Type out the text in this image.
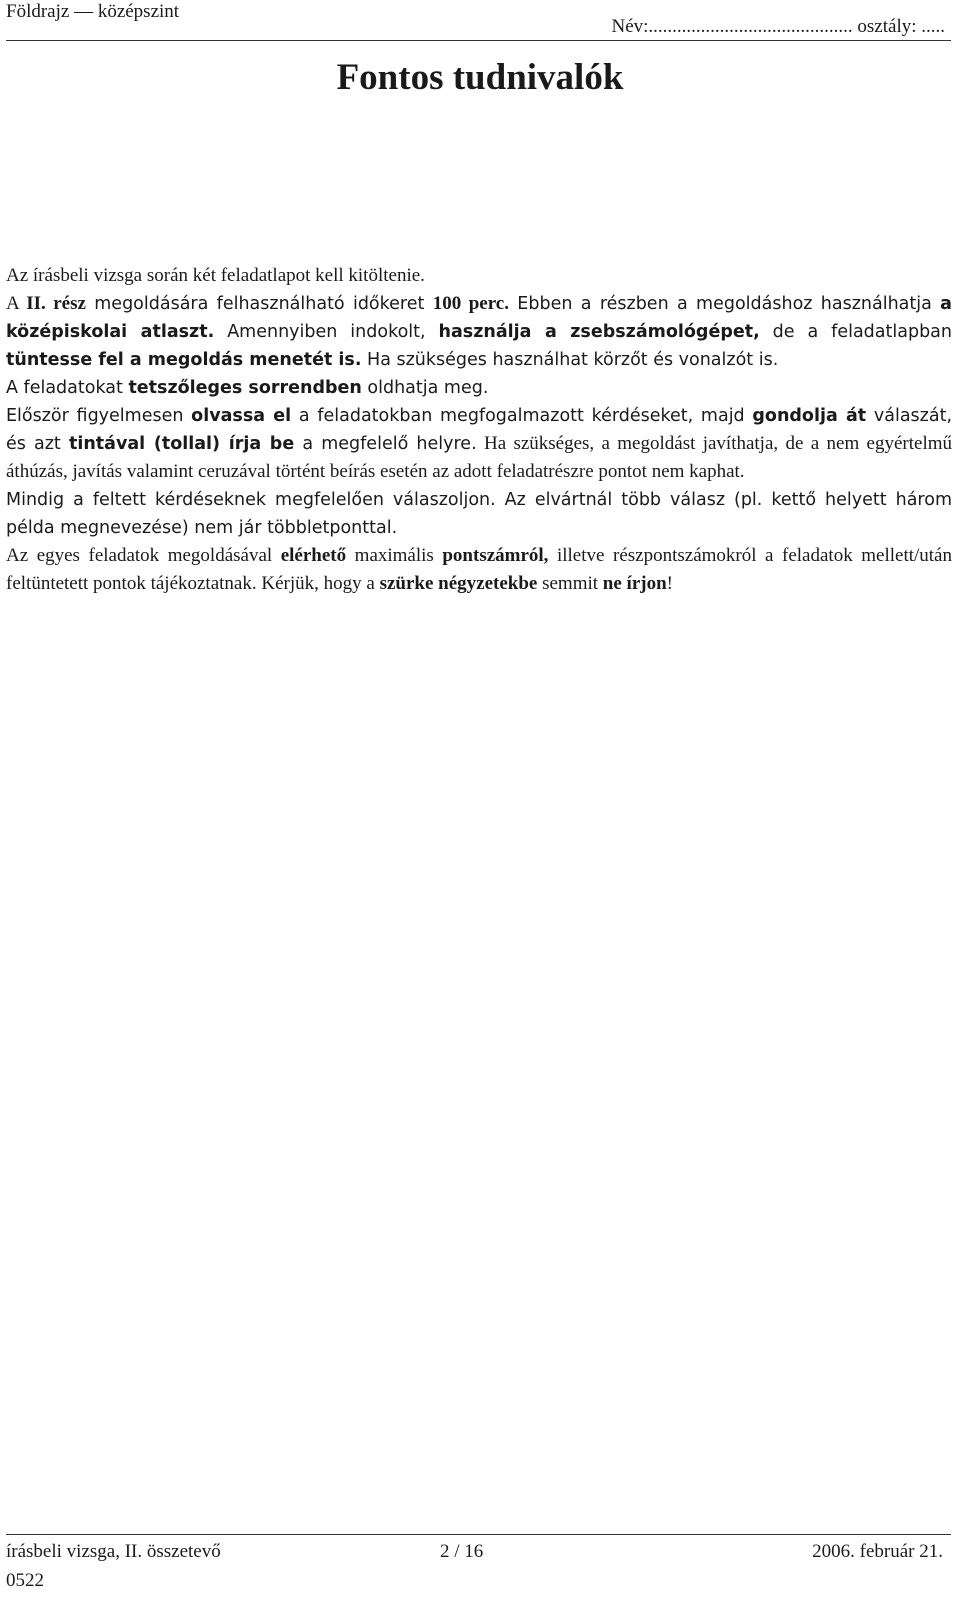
Földrajz — középszint
Név:........................................... osztály: .....
Fontos tudnivalók

Az írásbeli vizsga során két feladatlapot kell kitöltenie.

A II. rész megoldására felhasználható időkeret 100 perc. Ebben a részben a megoldáshoz használhatja a középiskolai atlaszt. Amennyiben indokolt, használja a zsebszámológépet, de a feladatlapban tüntesse fel a megoldás menetét is. Ha szükséges használhat körzőt és vonalzót is.

A feladatokat tetszőleges sorrendben oldhatja meg.

Először figyelmesen olvassa el a feladatokban megfogalmazott kérdéseket, majd gondolja át válaszát, és azt tintával (tollal) írja be a megfelelő helyre. Ha szükséges, a megoldást javíthatja, de a nem egyértelmű áthúzás, javítás valamint ceruzával történt beírás esetén az adott feladatrészre pontot nem kaphat.

Mindig a feltett kérdéseknek megfelelően válaszoljon. Az elvártnál több válasz (pl. kettő helyett három példa megnevezése) nem jár többletponttal.

Az egyes feladatok megoldásával elérhető maximális pontszámról, illetve részpontszámokról a feladatok mellett/után feltüntetett pontok tájékoztatnak. Kérjük, hogy a szürke négyzetekbe semmit ne írjon!

írásbeli vizsga, II. összetevő	2 / 16	2006. február 21.
0522
